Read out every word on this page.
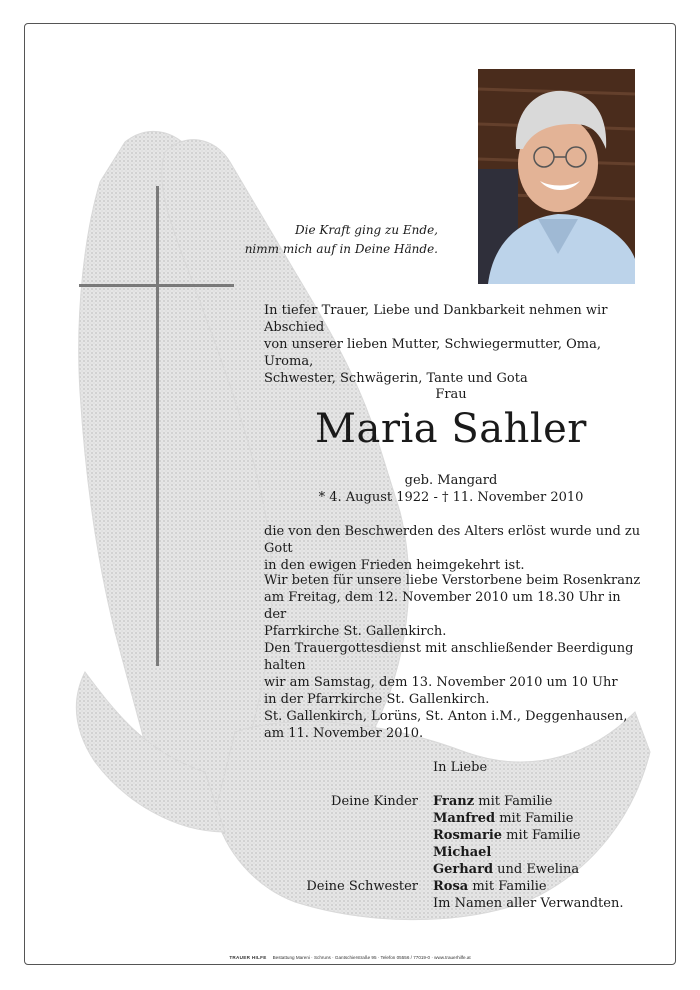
Die Kraft ging zu Ende,
nimm mich auf in Deine Hände.
In tiefer Trauer, Liebe und Dankbarkeit nehmen wir Abschied
von unserer lieben Mutter, Schwiegermutter, Oma, Uroma,
Schwester, Schwägerin, Tante und Gota
Frau
Maria Sahler
geb. Mangard
* 4. August 1922 - † 11. November 2010
die von den Beschwerden des Alters erlöst wurde und zu Gott
in den ewigen Frieden heimgekehrt ist.
Wir beten für unsere liebe Verstorbene beim Rosenkranz
am Freitag, dem 12. November 2010 um 18.30 Uhr in der
Pfarrkirche St. Gallenkirch.
Den Trauergottesdienst mit anschließender Beerdigung halten
wir am Samstag, dem 13. November 2010 um 10 Uhr
in der Pfarrkirche St. Gallenkirch.
St. Gallenkirch, Lorüns, St. Anton i.M., Deggenhausen,
am 11. November 2010.
In Liebe
Deine Kinder
Deine Schwester
Franz mit Familie
Manfred mit Familie
Rosmarie mit Familie
Michael
Gerhard und Ewelina
Rosa mit Familie
Im Namen aller Verwandten.
TRAUER HILFE Bestattung Mareni · Schruns · Gantschierstraße 95 · Telefon 05556 / 77019-0 · www.trauerhilfe.at
